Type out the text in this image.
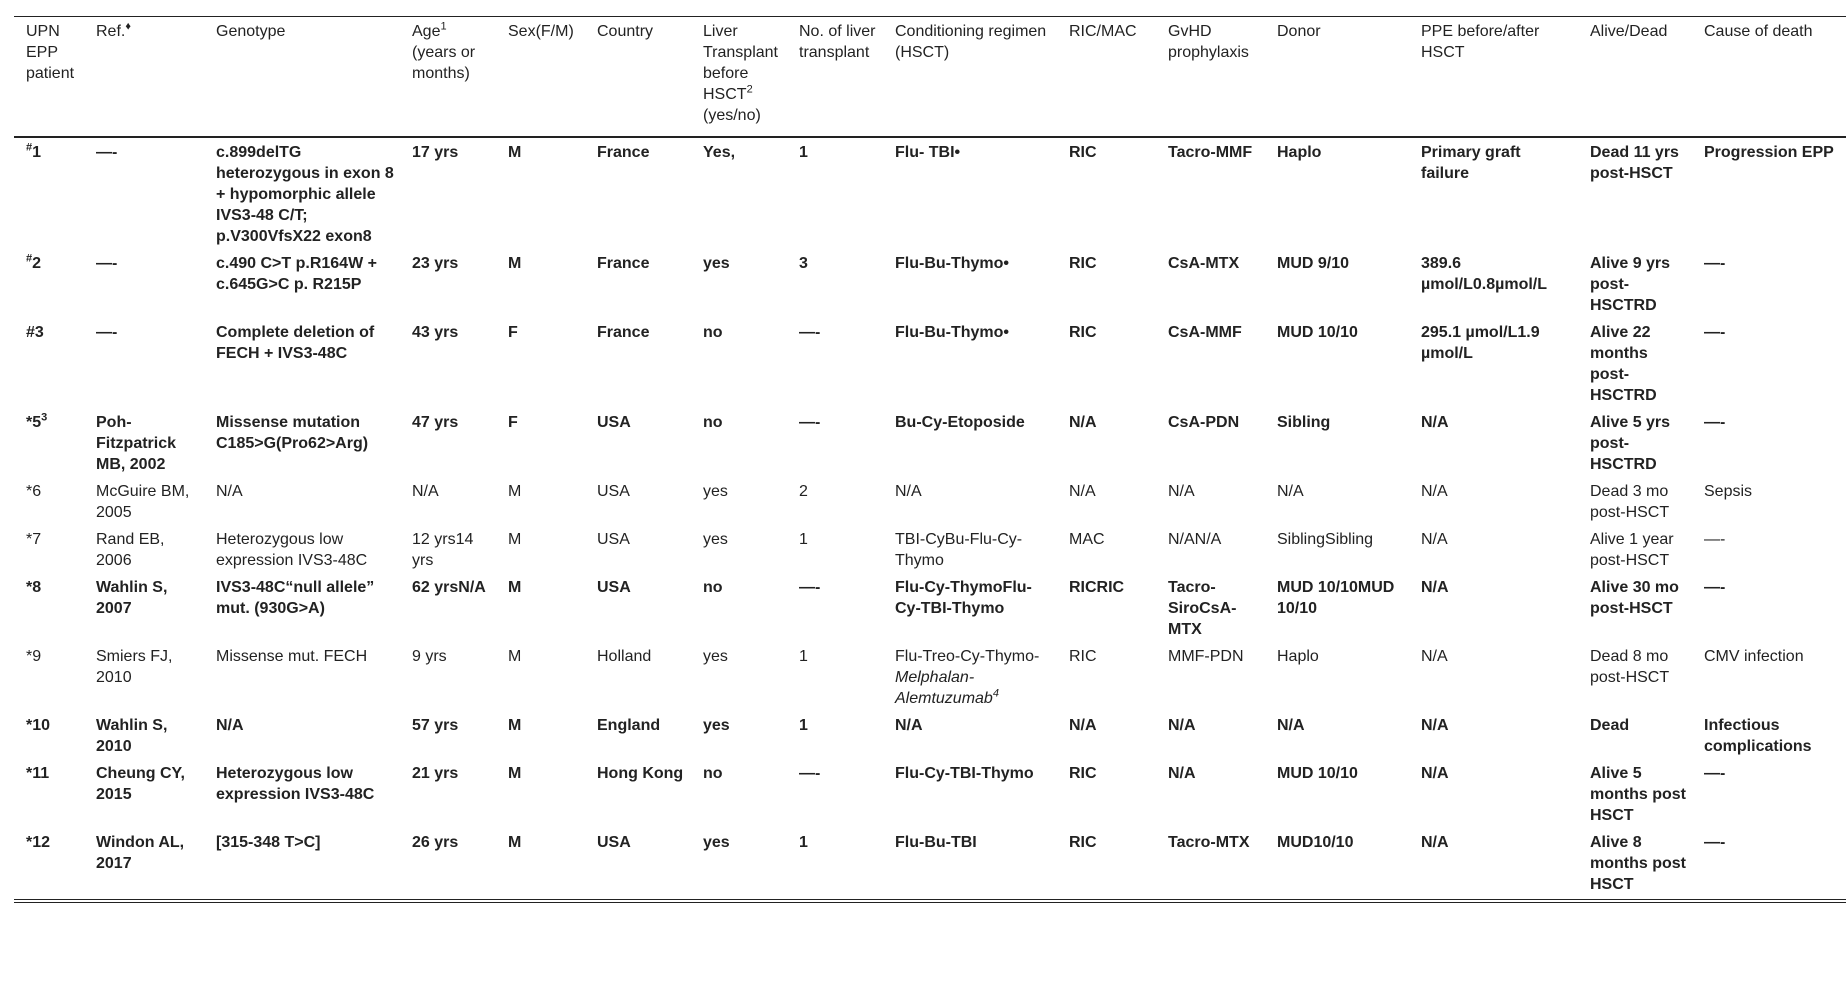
UPN EPP patient	Ref.♦	Genotype	Age$^1$ (years or months)	Sex(F/M)	Country	Liver Transplant before HSCT$^2$ (yes/no)	No. of liver transplant	Conditioning regimen (HSCT)	RIC/MAC	GvHD prophylaxis	Donor	PPE before/after HSCT	Alive/Dead	Cause of death
#1	—-	c.899delTG heterozygous in exon 8 + hypomorphic allele IVS3-48 C/T; p.V300VfsX22 exon8	17 yrs	M	France	Yes,	1	Flu- TBI•	RIC	Tacro-MMF	Haplo	Primary graft failure	Dead 11 yrs post-HSCT	Progression EPP
#2	—-	c.490 C>T p.R164W + c.645G>C p. R215P	23 yrs	M	France	yes	3	Flu-Bu-Thymo•	RIC	CsA-MTX	MUD 9/10	389.6 µmol/L0.8µmol/L	Alive 9 yrs post-HSCTRD	—-
#3	—-	Complete deletion of FECH + IVS3-48C	43 yrs	F	France	no	—-	Flu-Bu-Thymo•	RIC	CsA-MMF	MUD 10/10	295.1 µmol/L1.9 µmol/L	Alive 22 months post-HSCTRD	—-
$*5^3$	Poh-Fitzpatrick MB, 2002	Missense mutation C185>G(Pro62>Arg)	47 yrs	F	USA	no	—-	Bu-Cy-Etoposide	N/A	CsA-PDN	Sibling	N/A	Alive 5 yrs post-HSCTRD	—-
*6	McGuire BM, 2005	N/A	N/A	M	USA	yes	2	N/A	N/A	N/A	N/A	N/A	Dead 3 mo post-HSCT	Sepsis
*7	Rand EB, 2006	Heterozygous low expression IVS3-48C	12 yrs14 yrs	M	USA	yes	1	TBI-CyBu-Flu-Cy-Thymo	MAC	N/AN/A	SiblingSibling	N/A	Alive 1 year post-HSCT	—-
*8	Wahlin S, 2007	IVS3-48C“null allele” mut. (930G>A)	62 yrsN/A	M	USA	no	—-	Flu-Cy-ThymoFlu-Cy-TBI-Thymo	RICRIC	Tacro-SiroCsA-MTX	MUD 10/10MUD 10/10	N/A	Alive 30 mo post-HSCT	—-
*9	Smiers FJ, 2010	Missense mut. FECH	9 yrs	M	Holland	yes	1	Flu-Treo-Cy-Thymo-Melphalan-Alemtuzumab$^4$	RIC	MMF-PDN	Haplo	N/A	Dead 8 mo post-HSCT	CMV infection
*10	Wahlin S, 2010	N/A	57 yrs	M	England	yes	1	N/A	N/A	N/A	N/A	N/A	Dead	Infectious complications
*11	Cheung CY, 2015	Heterozygous low expression IVS3-48C	21 yrs	M	Hong Kong	no	—-	Flu-Cy-TBI-Thymo	RIC	N/A	MUD 10/10	N/A	Alive 5 months post HSCT	—-
*12	Windon AL, 2017	[315-348 T>C]	26 yrs	M	USA	yes	1	Flu-Bu-TBI	RIC	Tacro-MTX	MUD10/10	N/A	Alive 8 months post HSCT	—-
